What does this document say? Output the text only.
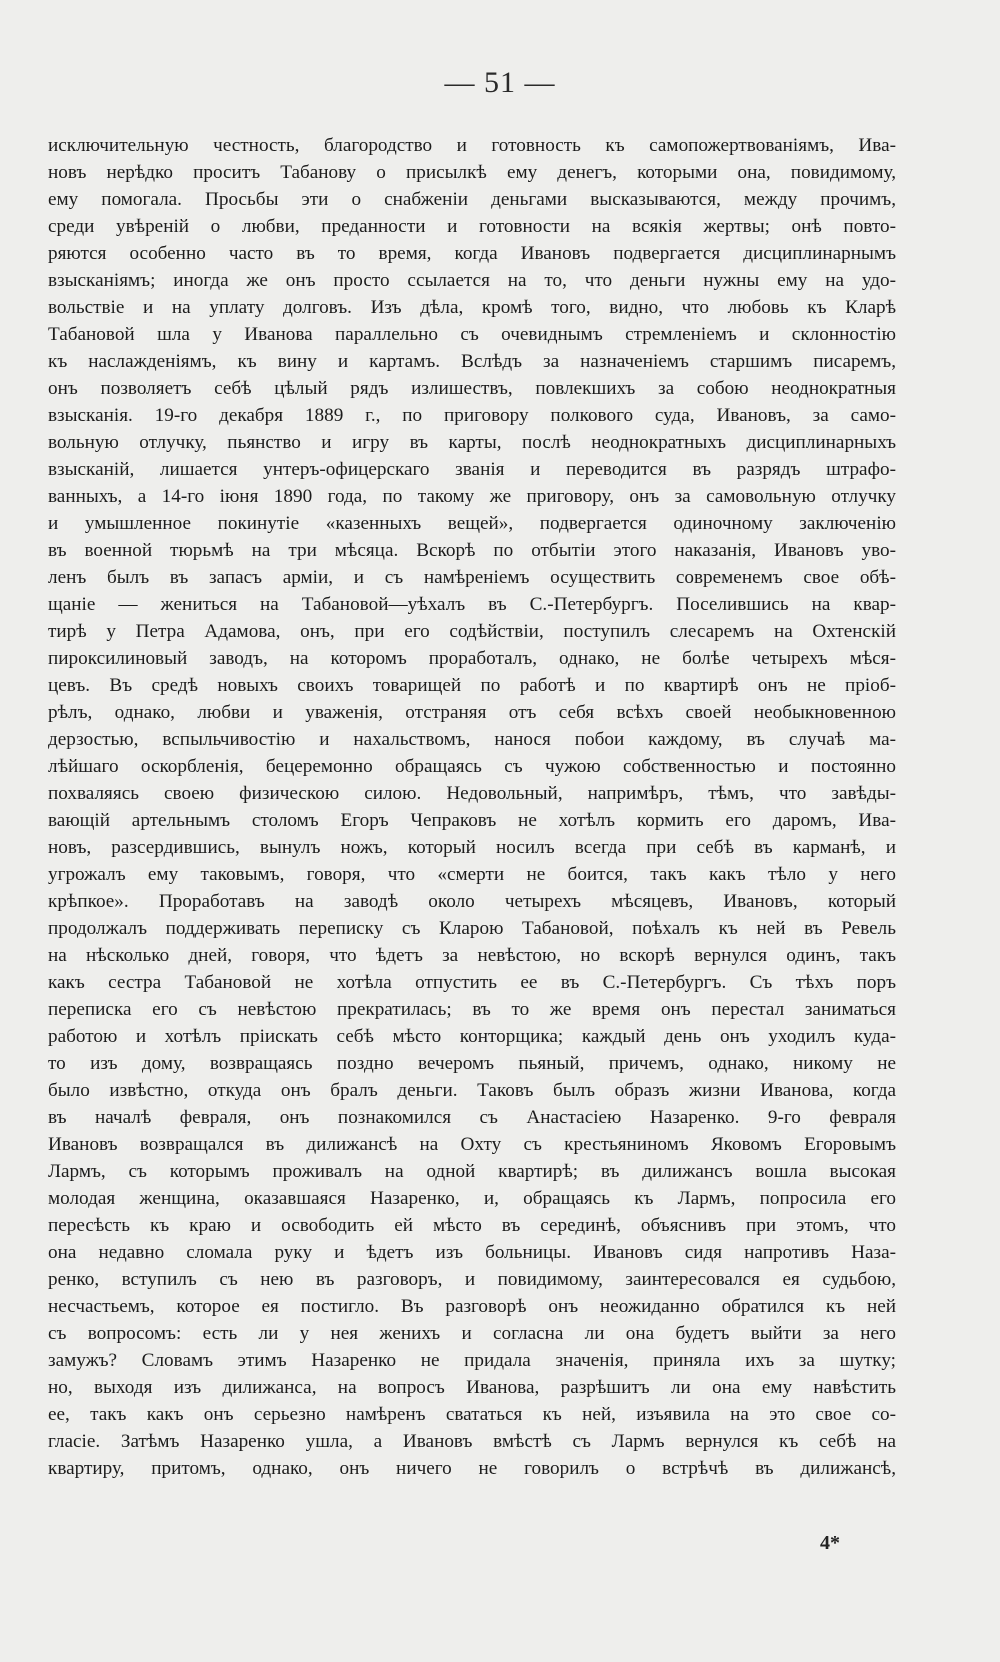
— 51 —
исключительную честность, благородство и готовность къ самопожертвованiямъ, Ива-
новъ нерѣдко проситъ Табанову о присылкѣ ему денегъ, которыми она, повидимому,
ему помогала. Просьбы эти о снабженiи деньгами высказываются, между прочимъ,
среди увѣренiй о любви, преданности и готовности на всякiя жертвы; онѣ повто-
ряются особенно часто въ то время, когда Ивановъ подвергается дисциплинарнымъ
взысканiямъ; иногда же онъ просто ссылается на то, что деньги нужны ему на удо-
вольствiе и на уплату долговъ. Изъ дѣла, кромѣ того, видно, что любовь къ Кларѣ
Табановой шла у Иванова параллельно съ очевиднымъ стремленiемъ и склонностiю
къ наслажденiямъ, къ вину и картамъ. Вслѣдъ за назначенiемъ старшимъ писаремъ,
онъ позволяетъ себѣ цѣлый рядъ излишествъ, повлекшихъ за собою неоднократныя
взысканiя. 19-го декабря 1889 г., по приговору полкового суда, Ивановъ, за само-
вольную отлучку, пьянство и игру въ карты, послѣ неоднократныхъ дисциплинарныхъ
взысканiй, лишается унтеръ-офицерскаго званiя и переводится въ разрядъ штрафо-
ванныхъ, а 14-го iюня 1890 года, по такому же приговору, онъ за самовольную отлучку
и умышленное покинутiе «казенныхъ вещей», подвергается одиночному заключенiю
въ военной тюрьмѣ на три мѣсяца. Вскорѣ по отбытiи этого наказанiя, Ивановъ уво-
ленъ былъ въ запасъ армiи, и съ намѣренiемъ осуществить современемъ свое обѣ-
щанiе — жениться на Табановой—уѣхалъ въ С.-Петербургъ. Поселившись на квар-
тирѣ у Петра Адамова, онъ, при его содѣйствiи, поступилъ слесаремъ на Охтенскiй
пироксилиновый заводъ, на которомъ проработалъ, однако, не болѣе четырехъ мѣся-
цевъ. Въ средѣ новыхъ своихъ товарищей по работѣ и по квартирѣ онъ не прiоб-
рѣлъ, однако, любви и уваженiя, отстраняя отъ себя всѣхъ своей необыкновенною
дерзостью, вспыльчивостiю и нахальствомъ, нанося побои каждому, въ случаѣ ма-
лѣйшаго оскорбленiя, бецеремонно обращаясь съ чужою собственностью и постоянно
похваляясь своею физическою силою. Недовольный, напримѣръ, тѣмъ, что завѣды-
вающiй артельнымъ столомъ Егоръ Чепраковъ не хотѣлъ кормить его даромъ, Ива-
новъ, разсердившись, вынулъ ножъ, который носилъ всегда при себѣ въ карманѣ, и
угрожалъ ему таковымъ, говоря, что «смерти не боится, такъ какъ тѣло у него
крѣпкое». Проработавъ на заводѣ около четырехъ мѣсяцевъ, Ивановъ, который
продолжалъ поддерживать переписку съ Кларою Табановой, поѣхалъ къ ней въ Ревель
на нѣсколько дней, говоря, что ѣдетъ за невѣстою, но вскорѣ вернулся одинъ, такъ
какъ сестра Табановой не хотѣла отпустить ее въ С.-Петербургъ. Съ тѣхъ поръ
переписка его съ невѣстою прекратилась; въ то же время онъ перестал заниматься
работою и хотѣлъ прiискать себѣ мѣсто конторщика; каждый день онъ уходилъ куда-
то изъ дому, возвращаясь поздно вечеромъ пьяный, причемъ, однако, никому не
было извѣстно, откуда онъ бралъ деньги. Таковъ былъ образъ жизни Иванова, когда
въ началѣ февраля, онъ познакомился съ Анастасiею Назаренко. 9-го февраля
Ивановъ возвращался въ дилижансѣ на Охту съ крестьяниномъ Яковомъ Егоровымъ
Лармъ, съ которымъ проживалъ на одной квартирѣ; въ дилижансъ вошла высокая
молодая женщина, оказавшаяся Назаренко, и, обращаясь къ Лармъ, попросила его
пересѣсть къ краю и освободить ей мѣсто въ серединѣ, объяснивъ при этомъ, что
она недавно сломала руку и ѣдетъ изъ больницы. Ивановъ сидя напротивъ Наза-
ренко, вступилъ съ нею въ разговоръ, и повидимому, заинтересовался ея судьбою,
несчастьемъ, которое ея постигло. Въ разговорѣ онъ неожиданно обратился къ ней
съ вопросомъ: есть ли у нея женихъ и согласна ли она будетъ выйти за него
замужъ? Словамъ этимъ Назаренко не придала значенiя, приняла ихъ за шутку;
но, выходя изъ дилижанса, на вопросъ Иванова, разрѣшитъ ли она ему навѣстить
ее, такъ какъ онъ серьезно намѣренъ свататься къ ней, изъявила на это свое со-
гласiе. Затѣмъ Назаренко ушла, а Ивановъ вмѣстѣ съ Лармъ вернулся къ себѣ на
квартиру, притомъ, однако, онъ ничего не говорилъ о встрѣчѣ въ дилижансѣ,
4*
